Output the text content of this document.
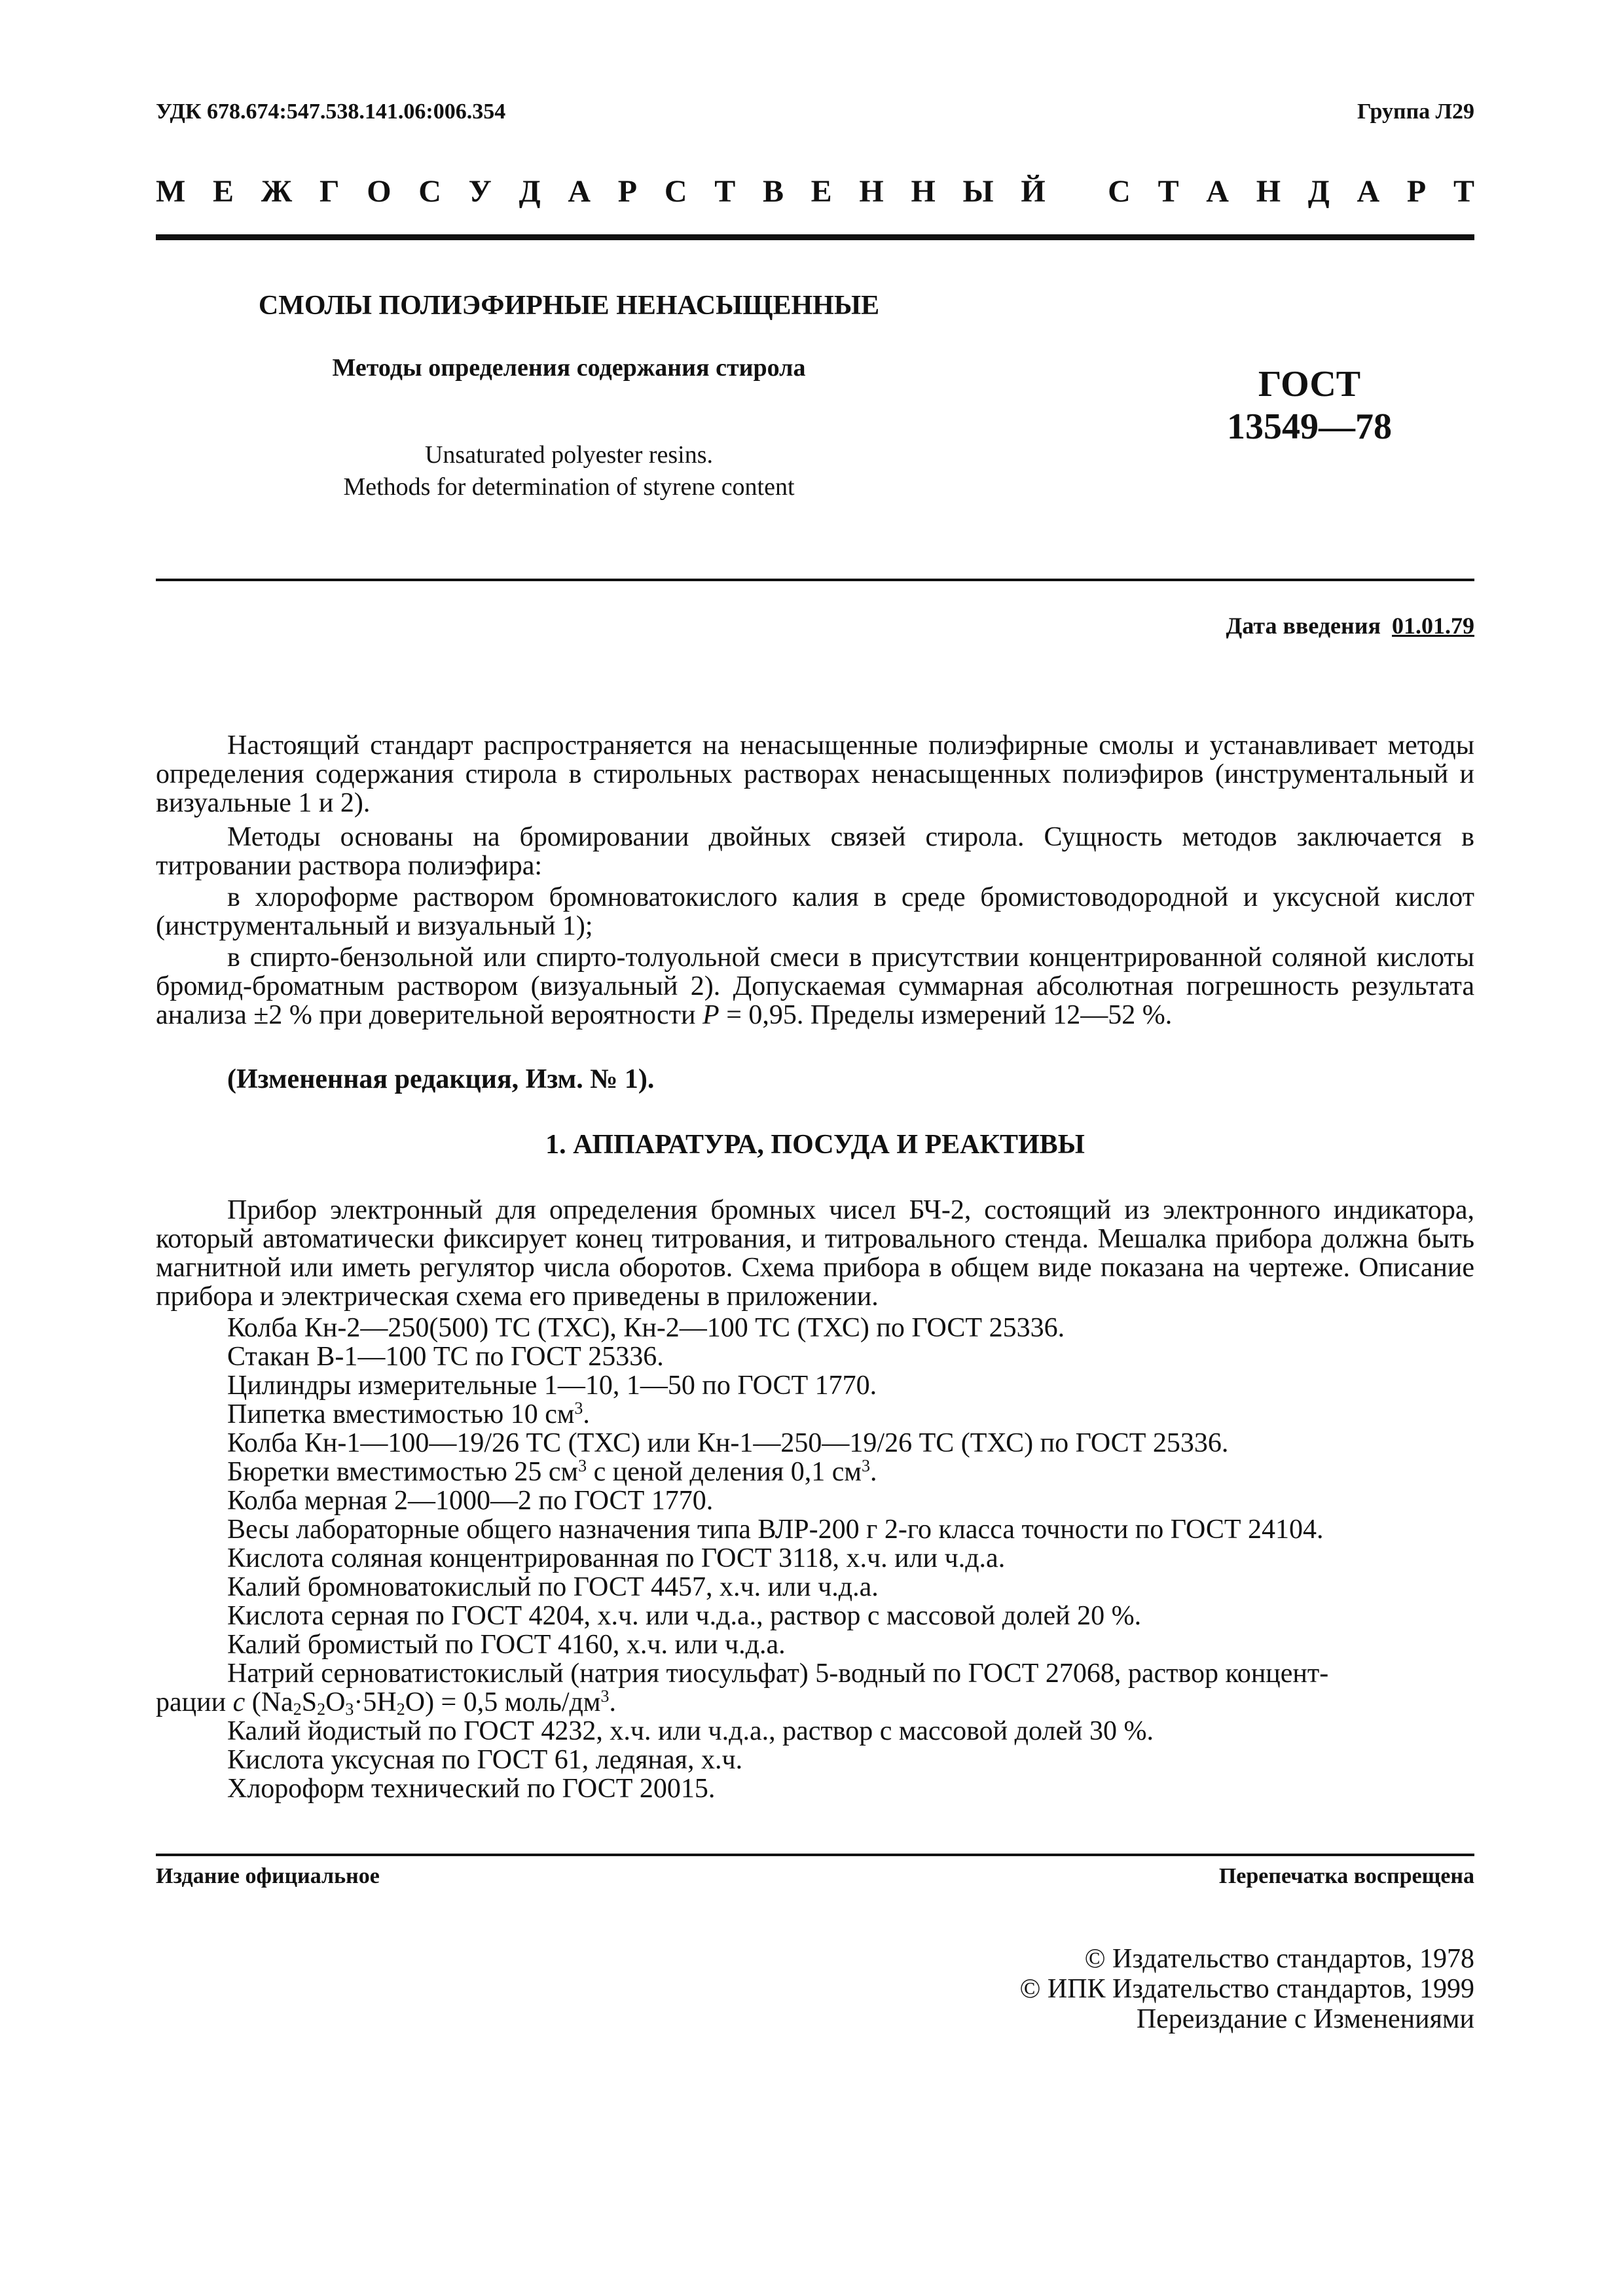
УДК 678.674:547.538.141.06:006.354	Группа Л29
М Е Ж Г О С У Д А Р С Т В Е Н Н Ы Й
С Т А Н Д А Р Т
СМОЛЫ ПОЛИЭФИРНЫЕ НЕНАСЫЩЕННЫЕ
Методы определения содержания стирола
Unsaturated polyester resins.
Methods for determination of styrene content
ГОСТ
13549—78
Дата введения 01.01.79
Настоящий стандарт распространяется на ненасыщенные полиэфирные смолы и устанавливает методы определения содержания стирола в стирольных растворах ненасыщенных полиэфиров (инструментальный и визуальные 1 и 2).
Методы основаны на бромировании двойных связей стирола. Сущность методов заключается в титровании раствора полиэфира:
в хлороформе раствором бромноватокислого калия в среде бромистоводородной и уксусной кислот (инструментальный и визуальный 1);
в спирто-бензольной или спирто-толуольной смеси в присутствии концентрированной соляной кислоты бромид-броматным раствором (визуальный 2). Допускаемая суммарная абсолютная погрешность результата анализа ±2 % при доверительной вероятности P = 0,95. Пределы измерений 12—52 %.
(Измененная редакция, Изм. № 1).
1. АППАРАТУРА, ПОСУДА И РЕАКТИВЫ
Прибор электронный для определения бромных чисел БЧ-2, состоящий из электронного индикатора, который автоматически фиксирует конец титрования, и титровального стенда. Мешалка прибора должна быть магнитной или иметь регулятор числа оборотов. Схема прибора в общем виде показана на чертеже. Описание прибора и электрическая схема его приведены в приложении.
Колба Кн-2—250(500) ТС (ТХС), Кн-2—100 ТС (ТХС) по ГОСТ 25336.
Стакан В-1—100 ТС по ГОСТ 25336.
Цилиндры измерительные 1—10, 1—50 по ГОСТ 1770.
Пипетка вместимостью 10 $см^3$.
Колба Кн-1—100—19/26 ТС (ТХС) или Кн-1—250—19/26 ТС (ТХС) по ГОСТ 25336.
Бюретки вместимостью 25 $см^3$ с ценой деления 0,1 $см^3$.
Колба мерная 2—1000—2 по ГОСТ 1770.
Весы лабораторные общего назначения типа ВЛР-200 г 2-го класса точности по ГОСТ 24104.
Кислота соляная концентрированная по ГОСТ 3118, х.ч. или ч.д.а.
Калий бромноватокислый по ГОСТ 4457, х.ч. или ч.д.а.
Кислота серная по ГОСТ 4204, х.ч. или ч.д.а., раствор с массовой долей 20 %.
Калий бромистый по ГОСТ 4160, х.ч. или ч.д.а.
Натрий серноватистокислый (натрия тиосульфат) 5-водный по ГОСТ 27068, раствор концент-
рации c $(Na_2S_2O_3\cdot 5H_2O) = 0,5$ моль/$дм^3$.
Калий йодистый по ГОСТ 4232, х.ч. или ч.д.а., раствор с массовой долей 30 %.
Кислота уксусная по ГОСТ 61, ледяная, х.ч.
Хлороформ технический по ГОСТ 20015.
Издание официальное	Перепечатка воспрещена
© Издательство стандартов, 1978
© ИПК Издательство стандартов, 1999
Переиздание с Изменениями
